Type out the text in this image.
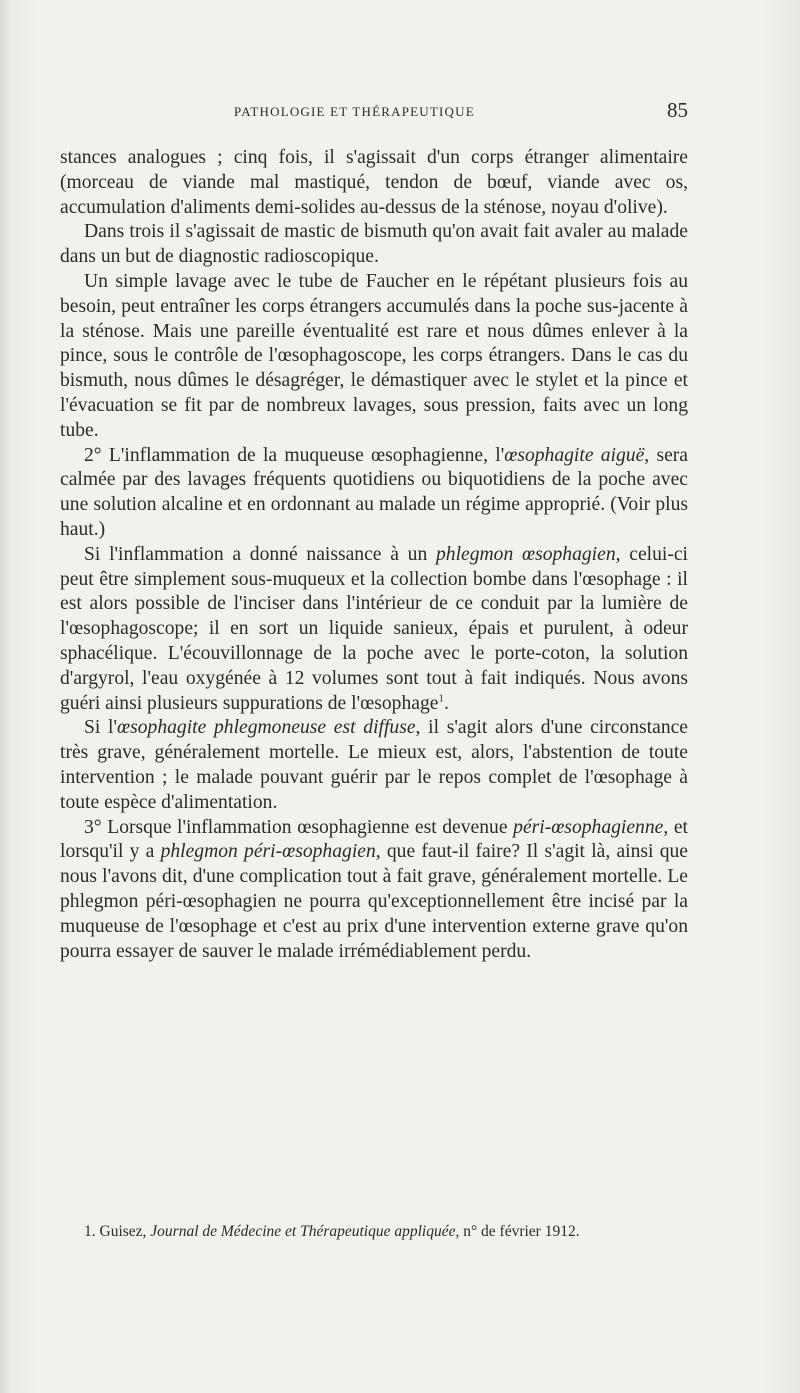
PATHOLOGIE ET THÉRAPEUTIQUE	85

stances analogues ; cinq fois, il s'agissait d'un corps étranger alimentaire (morceau de viande mal mastiqué, tendon de bœuf, viande avec os, accumulation d'aliments demi-solides au-dessus de la sténose, noyau d'olive).

Dans trois il s'agissait de mastic de bismuth qu'on avait fait avaler au malade dans un but de diagnostic radioscopique.

Un simple lavage avec le tube de Faucher en le répétant plusieurs fois au besoin, peut entraîner les corps étrangers accumulés dans la poche sus-jacente à la sténose. Mais une pareille éventualité est rare et nous dûmes enlever à la pince, sous le contrôle de l'œsophagoscope, les corps étrangers. Dans le cas du bismuth, nous dûmes le désagréger, le démastiquer avec le stylet et la pince et l'évacuation se fit par de nombreux lavages, sous pression, faits avec un long tube.

2° L'inflammation de la muqueuse œsophagienne, l'œsophagite aiguë, sera calmée par des lavages fréquents quotidiens ou biquotidiens de la poche avec une solution alcaline et en ordonnant au malade un régime approprié. (Voir plus haut.)

Si l'inflammation a donné naissance à un phlegmon œsophagien, celui-ci peut être simplement sous-muqueux et la collection bombe dans l'œsophage : il est alors possible de l'inciser dans l'intérieur de ce conduit par la lumière de l'œsophagoscope; il en sort un liquide sanieux, épais et purulent, à odeur sphacélique. L'écouvillonnage de la poche avec le porte-coton, la solution d'argyrol, l'eau oxygénée à 12 volumes sont tout à fait indiqués. Nous avons guéri ainsi plusieurs suppurations de l'œsophage$^1$.

Si l'œsophagite phlegmoneuse est diffuse, il s'agit alors d'une circonstance très grave, généralement mortelle. Le mieux est, alors, l'abstention de toute intervention ; le malade pouvant guérir par le repos complet de l'œsophage à toute espèce d'alimentation.

3° Lorsque l'inflammation œsophagienne est devenue péri-œsophagienne, et lorsqu'il y a phlegmon péri-œsophagien, que faut-il faire? Il s'agit là, ainsi que nous l'avons dit, d'une complication tout à fait grave, généralement mortelle. Le phlegmon péri-œsophagien ne pourra qu'exceptionnellement être incisé par la muqueuse de l'œsophage et c'est au prix d'une intervention externe grave qu'on pourra essayer de sauver le malade irrémédiablement perdu.

1. Guisez, Journal de Médecine et Thérapeutique appliquée, n° de février 1912.
